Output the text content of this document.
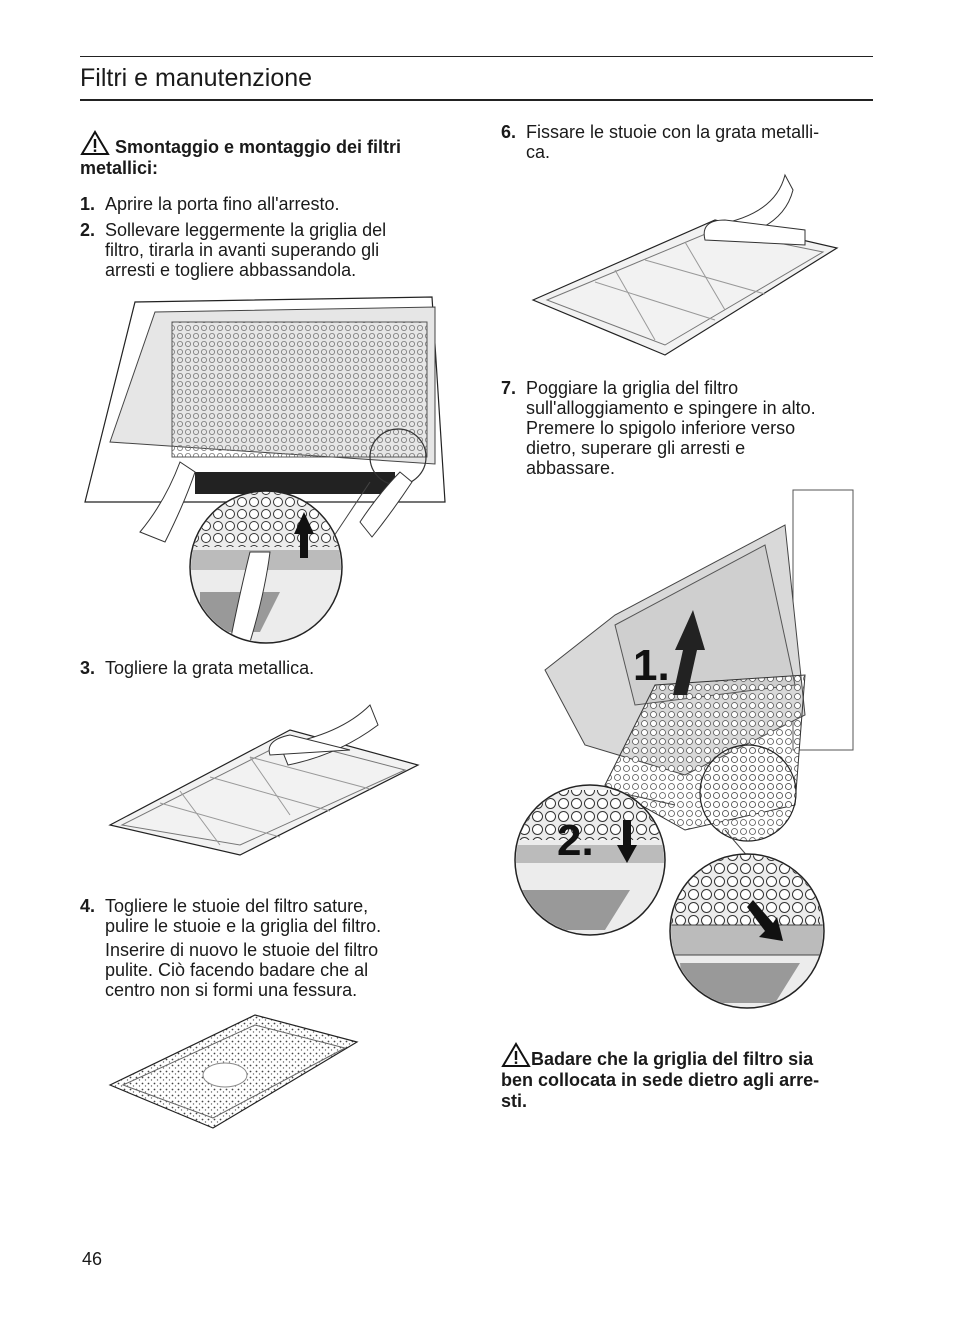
Filtri e manutenzione
Smontaggio e montaggio dei filtri metallici:
1. Aprire la porta fino all'arresto.
2. Sollevare leggermente la griglia del
filtro, tirarla in avanti superando gli
arresti e togliere abbassandola.
3. Togliere la grata metallica.
4. Togliere le stuoie del filtro sature,
pulire le stuoie e la griglia del filtro.
Inserire di nuovo le stuoie del filtro
pulite. Ciò facendo badare che al
centro non si formi una fessura.
6. Fissare le stuoie con la grata metalli-
ca.
7. Poggiare la griglia del filtro
sull'alloggiamento e spingere in alto.
Premere lo spigolo inferiore verso
dietro, superare gli arresti e
abbassare.
1.
2.
Badare che la griglia del filtro sia
ben collocata in sede dietro agli arre-
sti.
46
